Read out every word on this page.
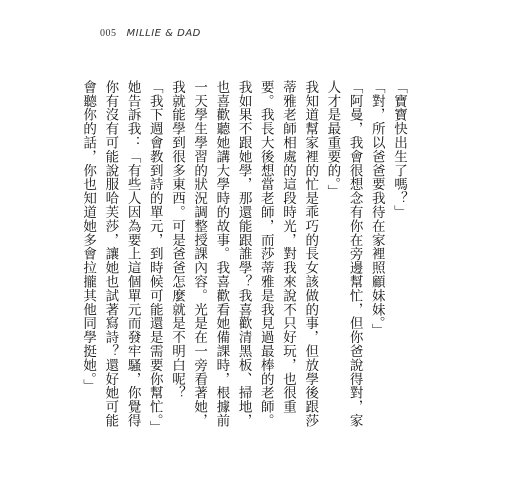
005 MILLIE & DAD

「寶寶快出生了嗎？」

「對，所以爸爸要我待在家裡照顧妹妹。」

「阿曼，我會很想念有你在旁邊幫忙，但你爸說得對，家人才是最重要的。」

我知道幫家裡的忙是乖巧的長女該做的事，但放學後跟莎蒂雅老師相處的這段時光，對我來說不只好玩，也很重要。我長大後想當老師，而莎蒂雅是我見過最棒的老師。我如果不跟她學，那還能跟誰學？我喜歡清黑板、掃地，也喜歡聽她講大學時的故事。我喜歡看她備課時，根據前一天學生學習的狀況調整授課內容。光是在一旁看著她，我就能學到很多東西。可是爸爸怎麼就是不明白呢？

「我下週會教到詩的單元，到時候可能還是需要你幫忙。」她告訴我：「有些人因為要上這個單元而發牢騷，你覺得你有沒有可能說服哈芙莎，讓她也試著寫詩？還好她可能會聽你的話，你也知道她多會拉攏其他同學挺她。」
